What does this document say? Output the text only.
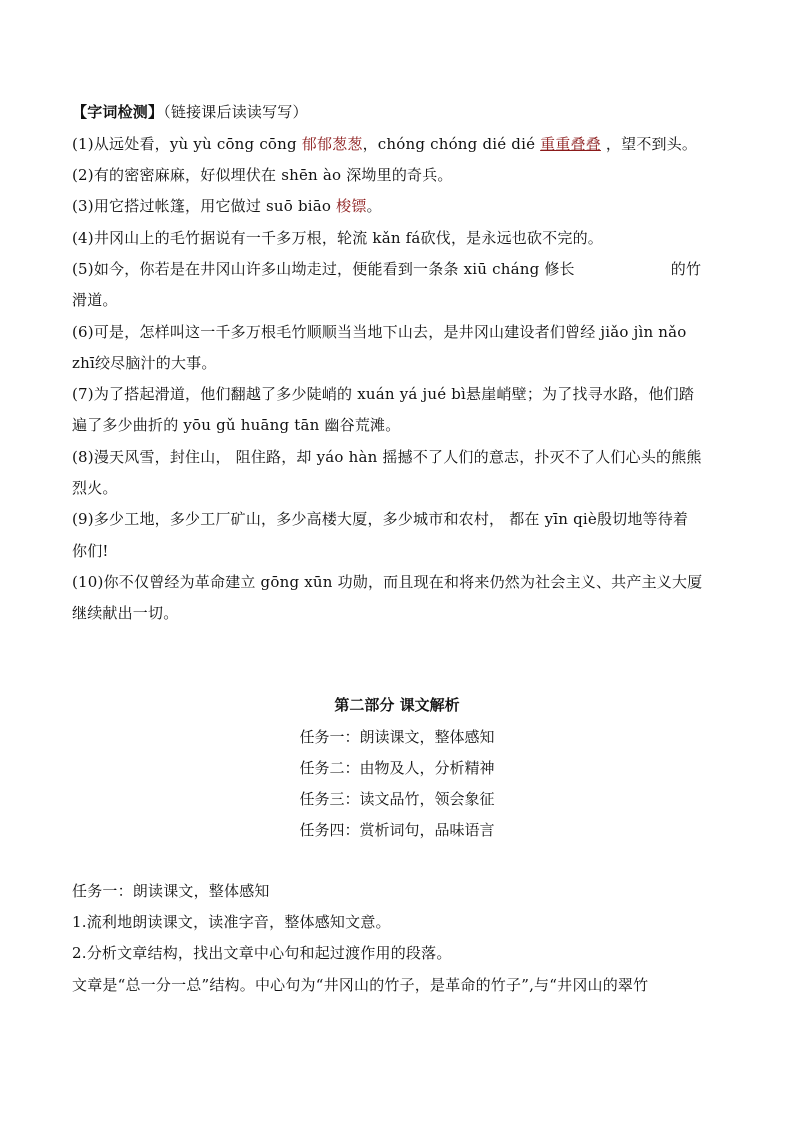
【字词检测】（链接课后读读写写）
(1)从远处看，yù yù cōng cōng 郁郁葱葱，chóng chóng dié dié 重重叠叠 ，望不到头。
(2)有的密密麻麻，好似埋伏在 shēn ào 深坳里的奇兵。
(3)用它搭过帐篷，用它做过 suō biāo 梭镖。
(4)井冈山上的毛竹据说有一千多万根，轮流 kǎn fá砍伐，是永远也砍不完的。
(5)如今，你若是在井冈山许多山坳走过，便能看到一条条 xiū cháng 修长	的竹
滑道。
(6)可是，怎样叫这一千多万根毛竹顺顺当当地下山去，是井冈山建设者们曾经 jiǎo jìn nǎo
zhī绞尽脑汁的大事。
(7)为了搭起滑道，他们翻越了多少陡峭的 xuán yá jué bì悬崖峭壁；为了找寻水路，他们踏
遍了多少曲折的 yōu gǔ huāng tān 幽谷荒滩。
(8)漫天风雪，封住山， 阻住路，却 yáo hàn 摇撼不了人们的意志，扑灭不了人们心头的熊熊
烈火。
(9)多少工地，多少工厂矿山，多少高楼大厦，多少城市和农村， 都在 yīn qiè殷切地等待着
你们!
(10)你不仅曾经为革命建立 gōng xūn 功勋，而且现在和将来仍然为社会主义、共产主义大厦
继续献出一切。
第二部分 课文解析
任务一：朗读课文，整体感知
任务二：由物及人，分析精神
任务三：读文品竹，领会象征
任务四：赏析词句，品味语言
任务一：朗读课文，整体感知
1.流利地朗读课文，读准字音，整体感知文意。
2.分析文章结构，找出文章中心句和起过渡作用的段落。
文章是“总一分一总”结构。中心句为“井冈山的竹子，是革命的竹子”,与“井冈山的翠竹
